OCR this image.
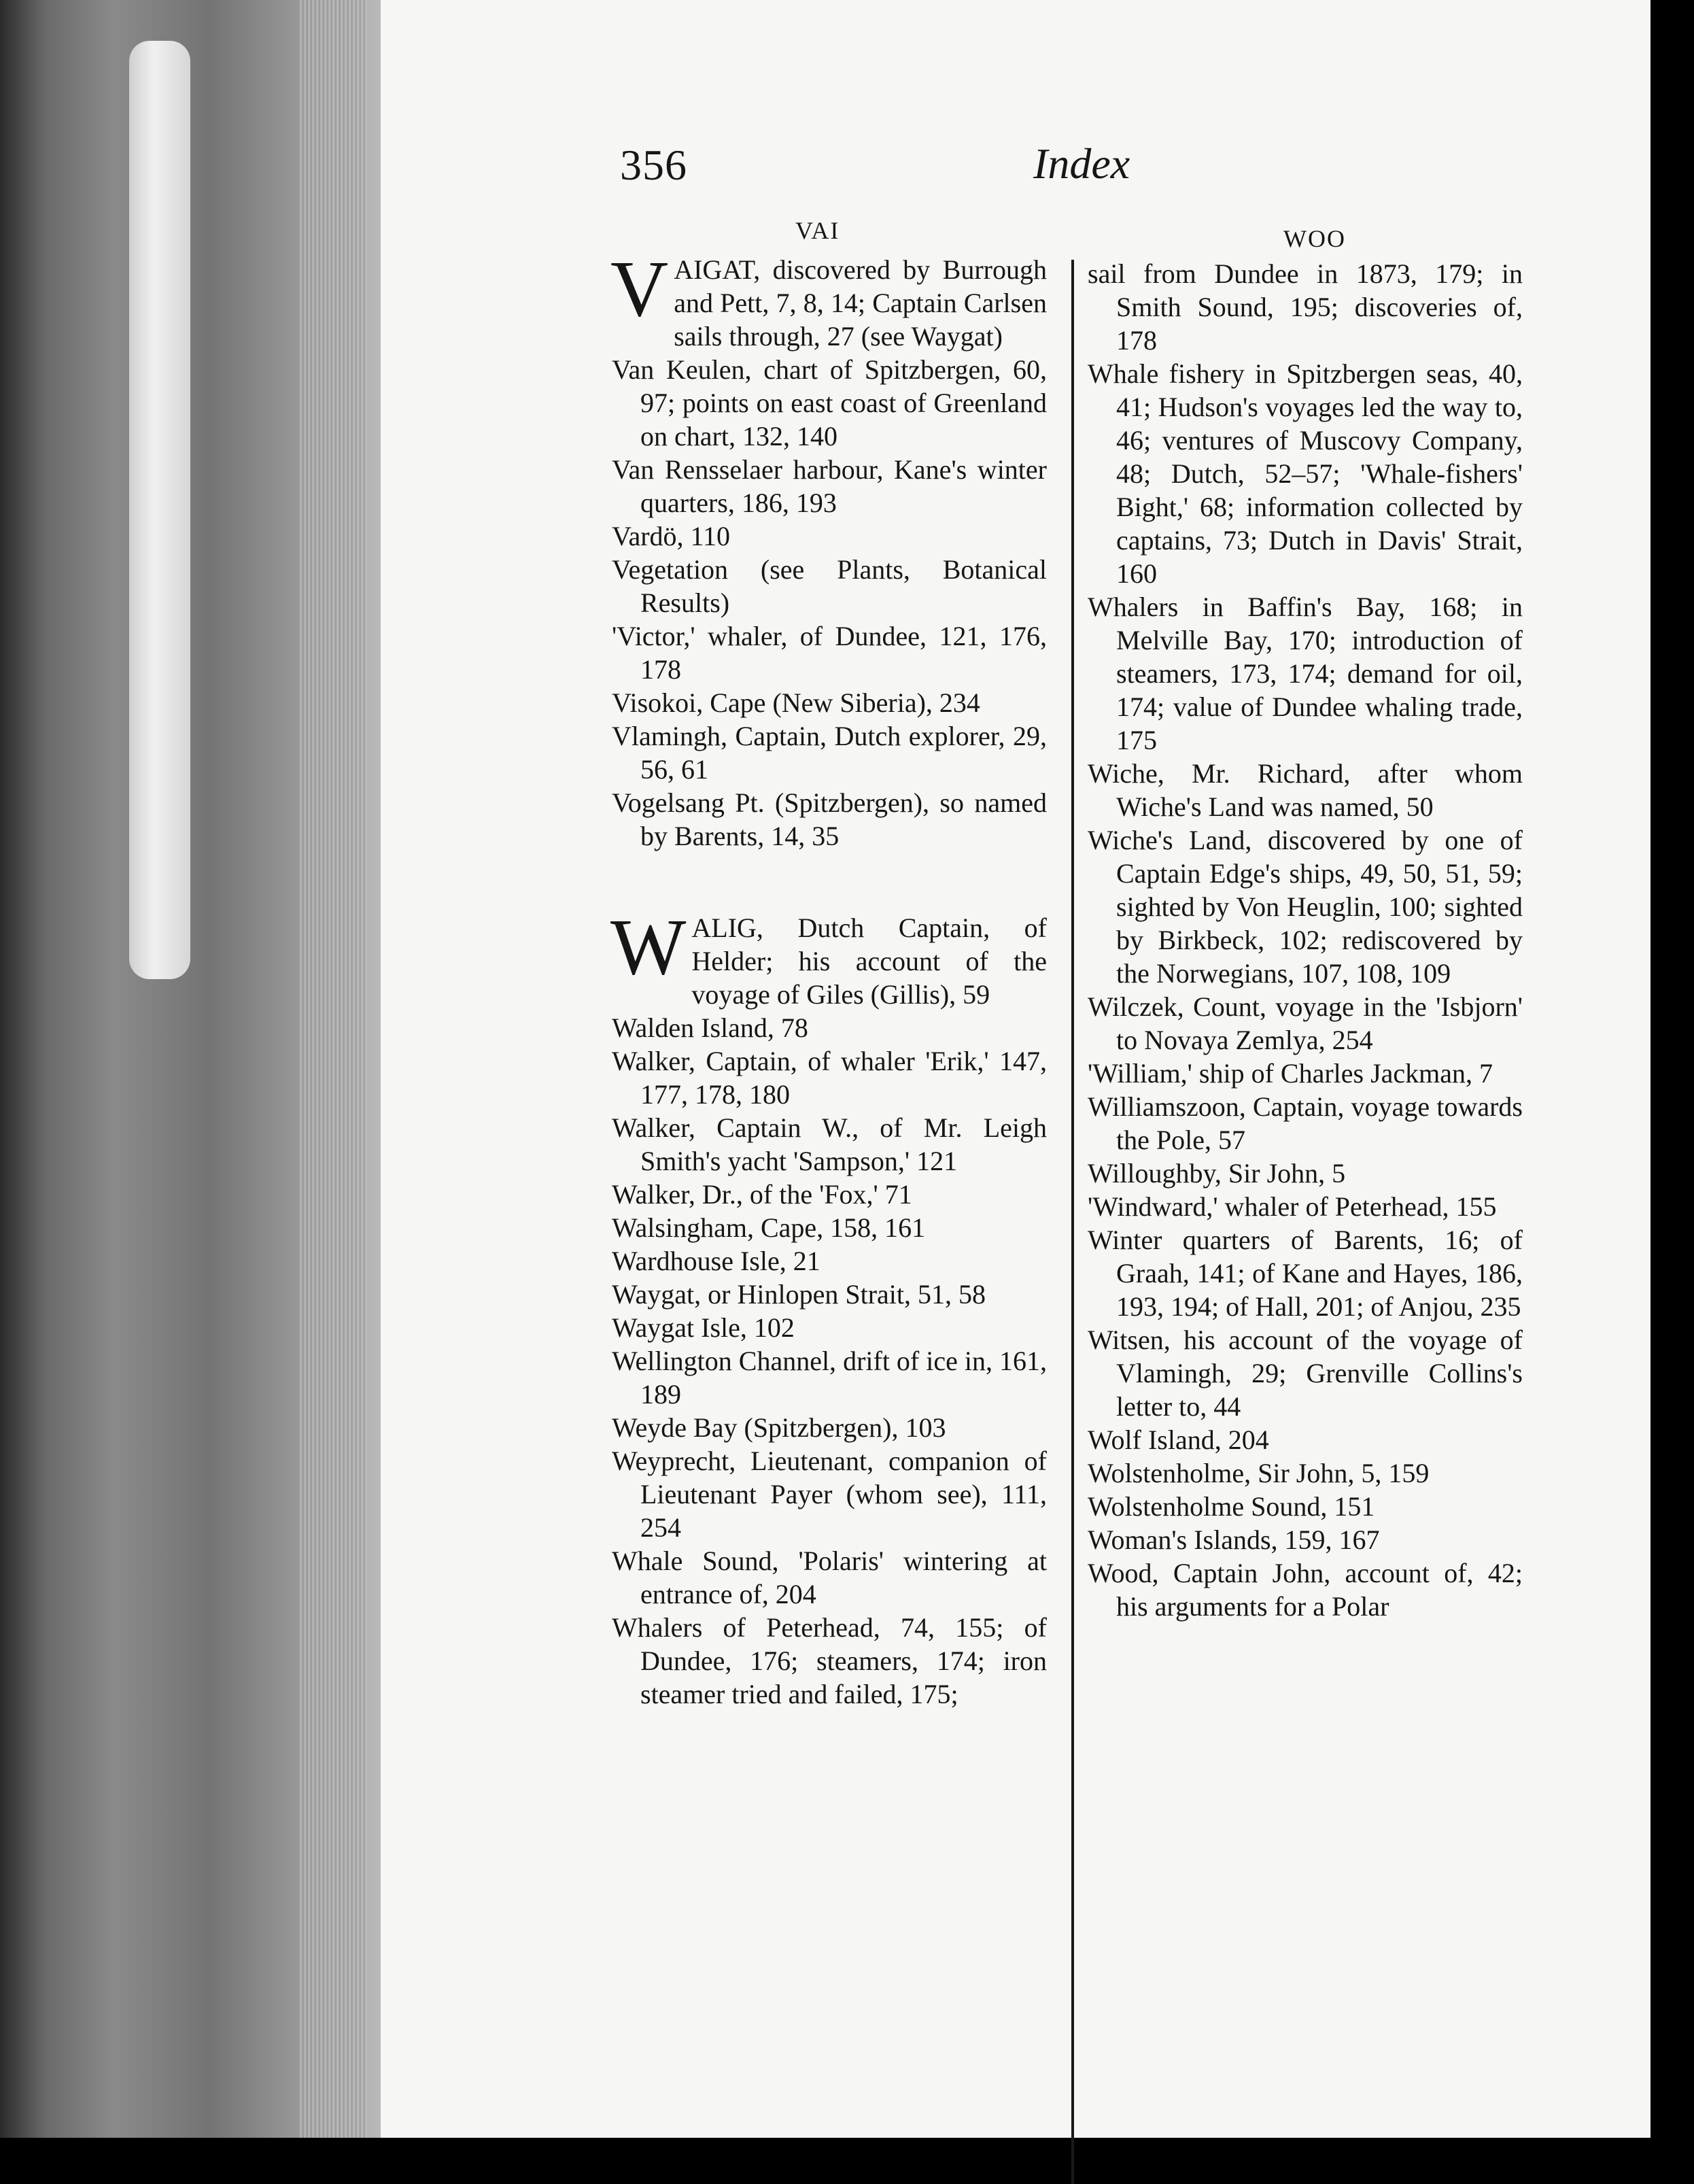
356	Index
VAI	WOO

V AIGAT, discovered by Burrough and Pett, 7, 8, 14; Captain Carlsen sails through, 27 (see Waygat)

Van Keulen, chart of Spitzbergen, 60, 97; points on east coast of Greenland on chart, 132, 140

Van Rensselaer harbour, Kane's winter quarters, 186, 193

Vardö, 110

Vegetation (see Plants, Botanical Results)

'Victor,' whaler, of Dundee, 121, 176, 178

Visokoi, Cape (New Siberia), 234

Vlamingh, Captain, Dutch explorer, 29, 56, 61

Vogelsang Pt. (Spitzbergen), so named by Barents, 14, 35

W ALIG, Dutch Captain, of Helder; his account of the voyage of Giles (Gillis), 59

Walden Island, 78

Walker, Captain, of whaler 'Erik,' 147, 177, 178, 180

Walker, Captain W., of Mr. Leigh Smith's yacht 'Sampson,' 121

Walker, Dr., of the 'Fox,' 71

Walsingham, Cape, 158, 161

Wardhouse Isle, 21

Waygat, or Hinlopen Strait, 51, 58

Waygat Isle, 102

Wellington Channel, drift of ice in, 161, 189

Weyde Bay (Spitzbergen), 103

Weyprecht, Lieutenant, companion of Lieutenant Payer (whom see), 111, 254

Whale Sound, 'Polaris' wintering at entrance of, 204

Whalers of Peterhead, 74, 155; of Dundee, 176; steamers, 174; iron steamer tried and failed, 175;

sail from Dundee in 1873, 179; in Smith Sound, 195; discoveries of, 178

Whale fishery in Spitzbergen seas, 40, 41; Hudson's voyages led the way to, 46; ventures of Muscovy Company, 48; Dutch, 52–57; 'Whale-fishers' Bight,' 68; information collected by captains, 73; Dutch in Davis' Strait, 160

Whalers in Baffin's Bay, 168; in Melville Bay, 170; introduction of steamers, 173, 174; demand for oil, 174; value of Dundee whaling trade, 175

Wiche, Mr. Richard, after whom Wiche's Land was named, 50

Wiche's Land, discovered by one of Captain Edge's ships, 49, 50, 51, 59; sighted by Von Heuglin, 100; sighted by Birkbeck, 102; rediscovered by the Norwegians, 107, 108, 109

Wilczek, Count, voyage in the 'Isbjorn' to Novaya Zemlya, 254

'William,' ship of Charles Jackman, 7

Williamszoon, Captain, voyage towards the Pole, 57

Willoughby, Sir John, 5

'Windward,' whaler of Peterhead, 155

Winter quarters of Barents, 16; of Graah, 141; of Kane and Hayes, 186, 193, 194; of Hall, 201; of Anjou, 235

Witsen, his account of the voyage of Vlamingh, 29; Grenville Collins's letter to, 44

Wolf Island, 204

Wolstenholme, Sir John, 5, 159

Wolstenholme Sound, 151

Woman's Islands, 159, 167

Wood, Captain John, account of, 42; his arguments for a Polar
